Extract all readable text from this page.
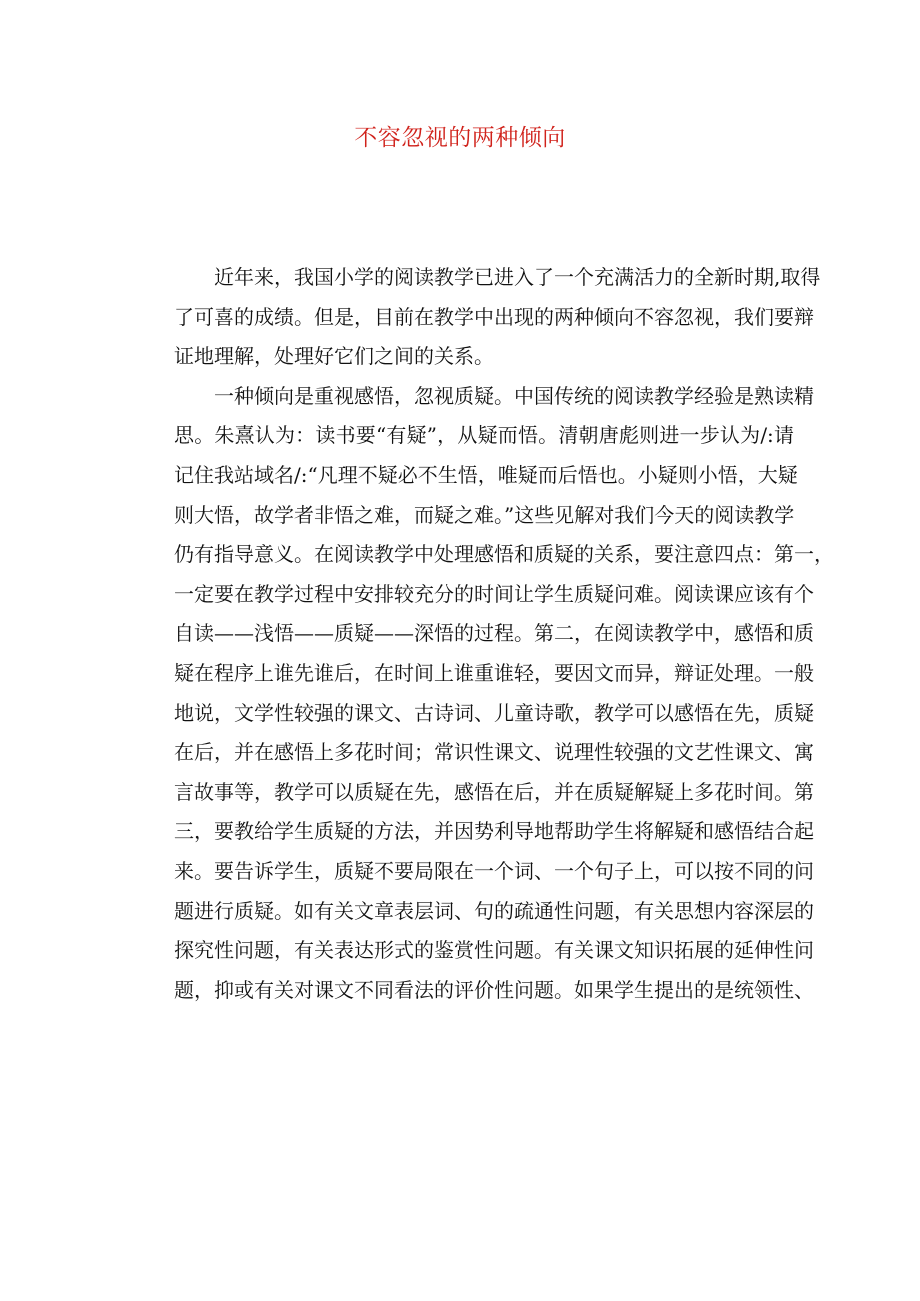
不容忽视的两种倾向
近年来，我国小学的阅读教学已进入了一个充满活力的全新时期,取得
了可喜的成绩。但是，目前在教学中出现的两种倾向不容忽视，我们要辩
证地理解，处理好它们之间的关系。
一种倾向是重视感悟，忽视质疑。中国传统的阅读教学经验是熟读精
思。朱熹认为：读书要“有疑”，从疑而悟。清朝唐彪则进一步认为/:请
记住我站域名/:“凡理不疑必不生悟，唯疑而后悟也。小疑则小悟，大疑
则大悟，故学者非悟之难，而疑之难。”这些见解对我们今天的阅读教学
仍有指导意义。在阅读教学中处理感悟和质疑的关系，要注意四点：第一，
一定要在教学过程中安排较充分的时间让学生质疑问难。阅读课应该有个
自读——浅悟——质疑——深悟的过程。第二，在阅读教学中，感悟和质
疑在程序上谁先谁后，在时间上谁重谁轻，要因文而异，辩证处理。一般
地说，文学性较强的课文、古诗词、儿童诗歌，教学可以感悟在先，质疑
在后，并在感悟上多花时间；常识性课文、说理性较强的文艺性课文、寓
言故事等，教学可以质疑在先，感悟在后，并在质疑解疑上多花时间。第
三，要教给学生质疑的方法，并因势利导地帮助学生将解疑和感悟结合起
来。要告诉学生，质疑不要局限在一个词、一个句子上，可以按不同的问
题进行质疑。如有关文章表层词、句的疏通性问题，有关思想内容深层的
探究性问题，有关表达形式的鉴赏性问题。有关课文知识拓展的延伸性问
题，抑或有关对课文不同看法的评价性问题。如果学生提出的是统领性、
